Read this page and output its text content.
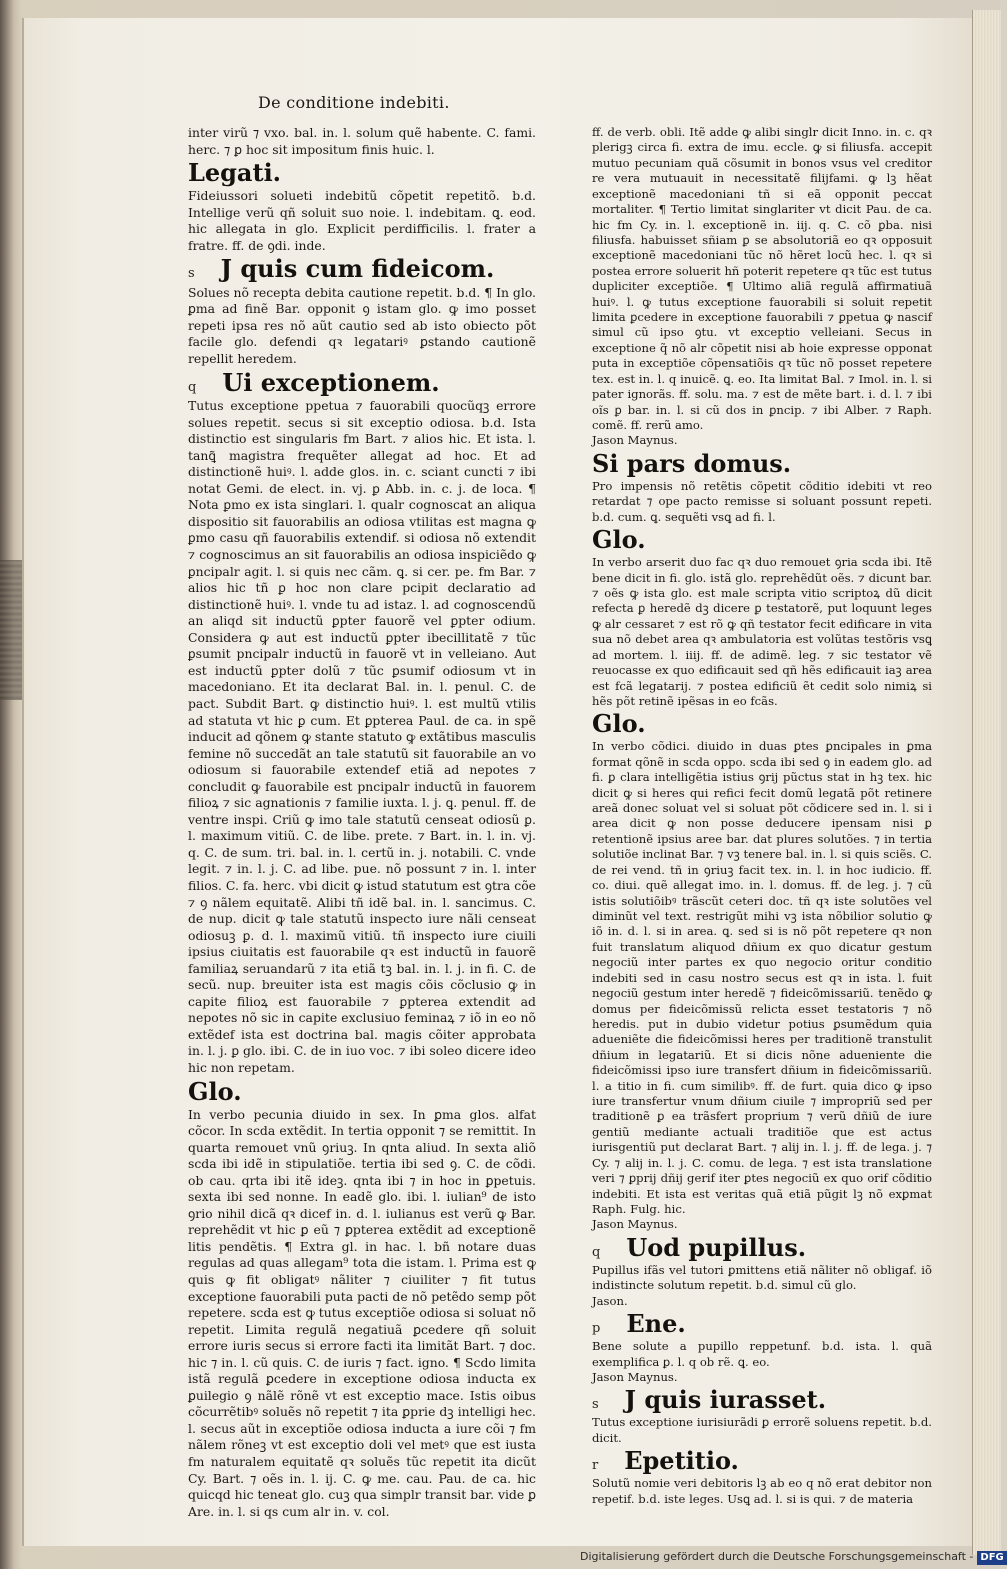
De conditione indebiti.

inter virũ ⁊ vxo. bal. in. l. solum quẽ habente. C. fami. herc. ⁊ ꝑ hoc sit impositum finis huic. l.

Legati.

Fideiussori solueti indebitũ cõpetit repetitõ. b.d. Intellige verũ qñ soluit suo noie. l. indebitam. ꝗ. eod. hic allegata in glo. Explicit perdifficilis. l. frater a fratre. ff. de ꝯdi. inde.

s J quis cum fideicom.

Solues nõ recepta debita cautione repetit. b.d. ¶ In glo. ꝑma ad finẽ Bar. opponit ꝯ istam glo. ꝙ imo posset repeti ipsa res nõ aũt cautio sed ab isto obiecto põt facile glo. defendi qꝛ legatariꝰ ꝑstando cautionẽ repellit heredem.

q Ui exceptionem.

Tutus exceptione ppetua ⁊ fauorabili quocũqꝫ errore solues repetit. secus si sit exceptio odiosa. b.d. Ista distinctio est singularis fm Bart. ⁊ alios hic. Et ista. l. tanꝗ̃ magistra frequẽter allegat ad hoc. Et ad distinctionẽ huiꝰ. l. adde glos. in. c. sciant cuncti ⁊ ibi notat Gemi. de elect. in. vj. ꝑ Abb. in. c. j. de loca. ¶ Nota ꝑmo ex ista singlari. l. qualr cognoscat an aliqua dispositio sit fauorabilis an odiosa vtilitas est magna ꝙ ꝑmo casu qñ fauorabilis extendif. si odiosa nõ extendit ⁊ cognoscimus an sit fauorabilis an odiosa inspiciẽdo ꝙ ꝑncipalr agit. l. si quis nec cãm. ꝗ. si cer. pe. fm Bar. ⁊ alios hic tñ ꝑ hoc non clare pcipit declaratio ad distinctionẽ huiꝰ. l. vnde tu ad istaz. l. ad cognoscendũ an aliqd sit inductũ ꝑpter fauorẽ vel ꝑpter odium. Considera ꝙ aut est inductũ ꝑpter ibecillitatẽ ⁊ tũc ꝑsumit pncipalr inductũ in fauorẽ vt in velleiano. Aut est inductũ ꝑpter dolũ ⁊ tũc ꝑsumif odiosum vt in macedoniano. Et ita declarat Bal. in. l. penul. C. de pact. Subdit Bart. ꝙ distinctio huiꝰ. l. est multũ vtilis ad statuta vt hic ꝑ cum. Et ꝑpterea Paul. de ca. in spẽ inducit ad qõnem ꝙ stante statuto ꝙ extãtibus masculis femine nõ succedãt an tale statutũ sit fauorabile an vo odiosum si fauorabile extendef etiã ad nepotes ⁊ concludit ꝙ fauorabile est pncipalr inductũ in fauorem filioꝝ ⁊ sic agnationis ⁊ familie iuxta. l. j. ꝗ. penul. ff. de ventre inspi. Criũ ꝙ imo tale statutũ censeat odiosũ ꝑ. l. maximum vitiũ. C. de libe. prete. ⁊ Bart. in. l. in. vj. q. C. de sum. tri. bal. in. l. certũ in. j. notabili. C. vnde legit. ⁊ in. l. j. C. ad libe. pue. nõ possunt ⁊ in. l. inter filios. C. fa. herc. vbi dicit ꝙ istud statutum est ꝯtra cõe ⁊ ꝯ nãlem equitatẽ. Alibi tñ idẽ bal. in. l. sancimus. C. de nup. dicit ꝙ tale statutũ inspecto iure nãli censeat odiosuꝫ ꝑ. d. l. maximũ vitiũ. tñ inspecto iure ciuili ipsius ciuitatis est fauorabile qꝛ est inductũ in fauorẽ familiaꝝ seruandarũ ⁊ ita etiã tꝫ bal. in. l. j. in fi. C. de secũ. nup. breuiter ista est magis cõis cõclusio ꝙ in capite filioꝝ est fauorabile ⁊ ꝑpterea extendit ad nepotes nõ sic in capite exclusiuo feminaꝝ ⁊ iõ in eo nõ extẽdef ista est doctrina bal. magis cõiter approbata in. l. j. ꝑ glo. ibi. C. de in iuo voc. ⁊ ibi soleo dicere ideo hic non repetam.

Glo.

In verbo pecunia diuido in sex. In ꝑma glos. alfat cõcor. In scda extẽdit. In tertia opponit ⁊ se remittit. In quarta remouet vnũ ꝯriuꝫ. In qnta aliud. In sexta aliõ scda ibi idẽ in stipulatiõe. tertia ibi sed ꝯ. C. de cõdi. ob cau. qrta ibi itẽ ideꝫ. qnta ibi ⁊ in hoc in ꝑpetuis. sexta ibi sed nonne. In eadẽ glo. ibi. l. iulian⁹ de isto ꝯrio nihil dicã qꝛ dicef in. d. l. iulianus est verũ ꝙ Bar. reprehẽdit vt hic ꝑ eũ ⁊ ꝑpterea extẽdit ad exceptionẽ litis pendẽtis. ¶ Extra gl. in hac. l. bñ notare duas regulas ad quas allegam⁹ tota die istam. l. Prima est ꝙ quis ꝙ fit obligatꝰ nãliter ⁊ ciuiliter ⁊ fit tutus exceptione fauorabili puta pacti de nõ petẽdo semp põt repetere. scda est ꝙ tutus exceptiõe odiosa si soluat nõ repetit. Limita regulã negatiuã ꝑcedere qñ soluit errore iuris secus si errore facti ita limitãt Bart. ⁊ doc. hic ⁊ in. l. cũ quis. C. de iuris ⁊ fact. igno. ¶ Scdo limita istã regulã ꝑcedere in exceptione odiosa inducta ex ꝑuilegio ꝯ nãlẽ rõnẽ vt est exceptio mace. Istis oibus cõcurrẽtibꝰ soluẽs nõ repetit ⁊ ita ꝑprie dꝫ intelligi hec. l. secus aũt in exceptiõe odiosa inducta a iure cõi ⁊ fm nãlem rõneꝫ vt est exceptio doli vel metꝰ que est iusta fm naturalem equitatẽ qꝛ soluẽs tũc repetit ita dicũt Cy. Bart. ⁊ oẽs in. l. ij. C. ꝙ me. cau. Pau. de ca. hic quicqd hic teneat glo. cuꝫ qua simplr transit bar. vide ꝑ Are. in. l. si qs cum alr in. v. col.

ff. de verb. obli. Itẽ adde ꝙ alibi singlr dicit Inno. in. c. qꝛ plerigꝫ circa fi. extra de imu. eccle. ꝙ si filiusfa. accepit mutuo pecuniam quã cõsumit in bonos vsus vel creditor re vera mutuauit in necessitatẽ filijfami. ꝙ lꝫ hẽat exceptionẽ macedoniani tñ si eã opponit peccat mortaliter. ¶ Tertio limitat singlariter vt dicit Pau. de ca. hic fm Cy. in. l. exceptionẽ in. iij. q. C. cõ ꝑba. nisi filiusfa. habuisset sñiam ꝑ se absolutoriã eo qꝛ opposuit exceptionẽ macedoniani tũc nõ hẽret locũ hec. l. qꝛ si postea errore soluerit hñ poterit repetere qꝛ tũc est tutus dupliciter exceptiõe. ¶ Ultimo aliã regulã affirmatiuã huiꝰ. l. ꝙ tutus exceptione fauorabili si soluit repetit limita ꝑcedere in exceptione fauorabili ⁊ ꝑpetua ꝙ nascif simul cũ ipso ꝯtu. vt exceptio velleiani. Secus in exceptione q̃ nõ alr cõpetit nisi ab hoie expresse opponat puta in exceptiõe cõpensatiõis qꝛ tũc nõ posset repetere tex. est in. l. q inuicẽ. ꝗ. eo. Ita limitat Bal. ⁊ Imol. in. l. si pater ignorãs. ff. solu. ma. ⁊ est de mẽte bart. i. d. l. ⁊ ibi oĩs ꝑ bar. in. l. si cũ dos in ꝑncip. ⁊ ibi Alber. ⁊ Raph. comẽ. ff. rerũ amo.

Jason Maynus.

Si pars domus.

Pro impensis nõ retẽtis cõpetit cõditio idebiti vt reo retardat ⁊ ope pacto remisse si soluant possunt repeti. b.d. cum. ꝗ. sequẽti vsꝗ ad fi. l.

Glo.

In verbo arserit duo fac qꝛ duo remouet ꝯria scda ibi. Itẽ bene dicit in fi. glo. istã glo. reprehẽdũt oẽs. ⁊ dicunt bar. ⁊ oẽs ꝙ ista glo. est male scripta vitio scriptoꝝ dũ dicit refecta ꝑ heredẽ dꝫ dicere ꝑ testatorẽ, put loquunt leges ꝙ alr cessaret ⁊ est rõ ꝙ qñ testator fecit edificare in vita sua nõ debet area qꝛ ambulatoria est volũtas testõris vsꝗ ad mortem. l. iiij. ff. de adimẽ. leg. ⁊ sic testator vẽ reuocasse ex quo edificauit sed qñ hẽs edificauit iaꝫ area est fcã legatarij. ⁊ postea edificiũ ẽt cedit solo nimiꝝ si hẽs põt retinẽ ipẽsas in eo fcãs.

Glo.

In verbo cõdici. diuido in duas ꝑtes ꝑncipales in ꝑma format qõnẽ in scda oppo. scda ibi sed ꝯ in eadem glo. ad fi. ꝑ clara intelligẽtia istius ꝯrij pũctus stat in hꝫ tex. hic dicit ꝙ si heres qui refici fecit domũ legatã põt retinere areã donec soluat vel si soluat põt cõdicere sed in. l. si i area dicit ꝙ non posse deducere ipensam nisi ꝑ retentionẽ ipsius aree bar. dat plures solutões. ⁊ in tertia solutiõe inclinat Bar. ⁊ vꝫ tenere bal. in. l. si quis sciẽs. C. de rei vend. tñ in ꝯriuꝫ facit tex. in. l. in hoc iudicio. ff. co. diui. quẽ allegat imo. in. l. domus. ff. de leg. j. ⁊ cũ istis solutiõibꝰ trãscũt ceteri doc. tñ qꝛ iste solutões vel diminũt vel text. restrigũt mihi vꝫ ista nõbilior solutio ꝙ iõ in. d. l. si in area. ꝗ. sed si is nõ põt repetere qꝛ non fuit translatum aliquod dñium ex quo dicatur gestum negociũ inter partes ex quo negocio oritur conditio indebiti sed in casu nostro secus est qꝛ in ista. l. fuit negociũ gestum inter heredẽ ⁊ fideicõmissariũ. tenẽdo ꝙ domus per fideicõmissũ relicta esset testatoris ⁊ nõ heredis. put in dubio videtur potius ꝑsumẽdum quia adueniẽte die fideicõmissi heres per traditionẽ transtulit dñium in legatariũ. Et si dicis nõne adueniente die fideicõmissi ipso iure transfert dñium in fideicõmissariũ. l. a titio in fi. cum similibꝰ. ff. de furt. quia dico ꝙ ipso iure transfertur vnum dñium ciuile ⁊ impropriũ sed per traditionẽ ꝑ ea trãsfert proprium ⁊ verũ dñiũ de iure gentiũ mediante actuali traditiõe que est actus iurisgentiũ put declarat Bart. ⁊ alij in. l. j. ff. de lega. j. ⁊ Cy. ⁊ alij in. l. j. C. comu. de lega. ⁊ est ista translatione veri ⁊ ꝑprij dñij gerif iter ꝑtes negociũ ex quo orif cõditio indebiti. Et ista est veritas quã etiã pũgit lꝫ nõ exꝑmat Raph. Fulg. hic.

Jason Maynus.

q Uod pupillus.

Pupillus ifãs vel tutori ꝑmittens etiã nãliter nõ obligaf. iõ indistincte solutum repetit. b.d. simul cũ glo.

Jason.

p Ene.

Bene solute a pupillo reppetunf. b.d. ista. l. quã exemplifica ꝑ. l. q ob rẽ. ꝗ. eo.

Jason Maynus.

s J quis iurasset.

Tutus exceptione iurisiurãdi ꝑ errorẽ soluens repetit. b.d. dicit.

r Epetitio.

Solutũ nomie veri debitoris lꝫ ab eo q nõ erat debitor non repetif. b.d. iste leges. Usꝗ ad. l. si is qui. ⁊ de materia

Digitalisierung gefördert durch die Deutsche Forschungsgemeinschaft - DFG
